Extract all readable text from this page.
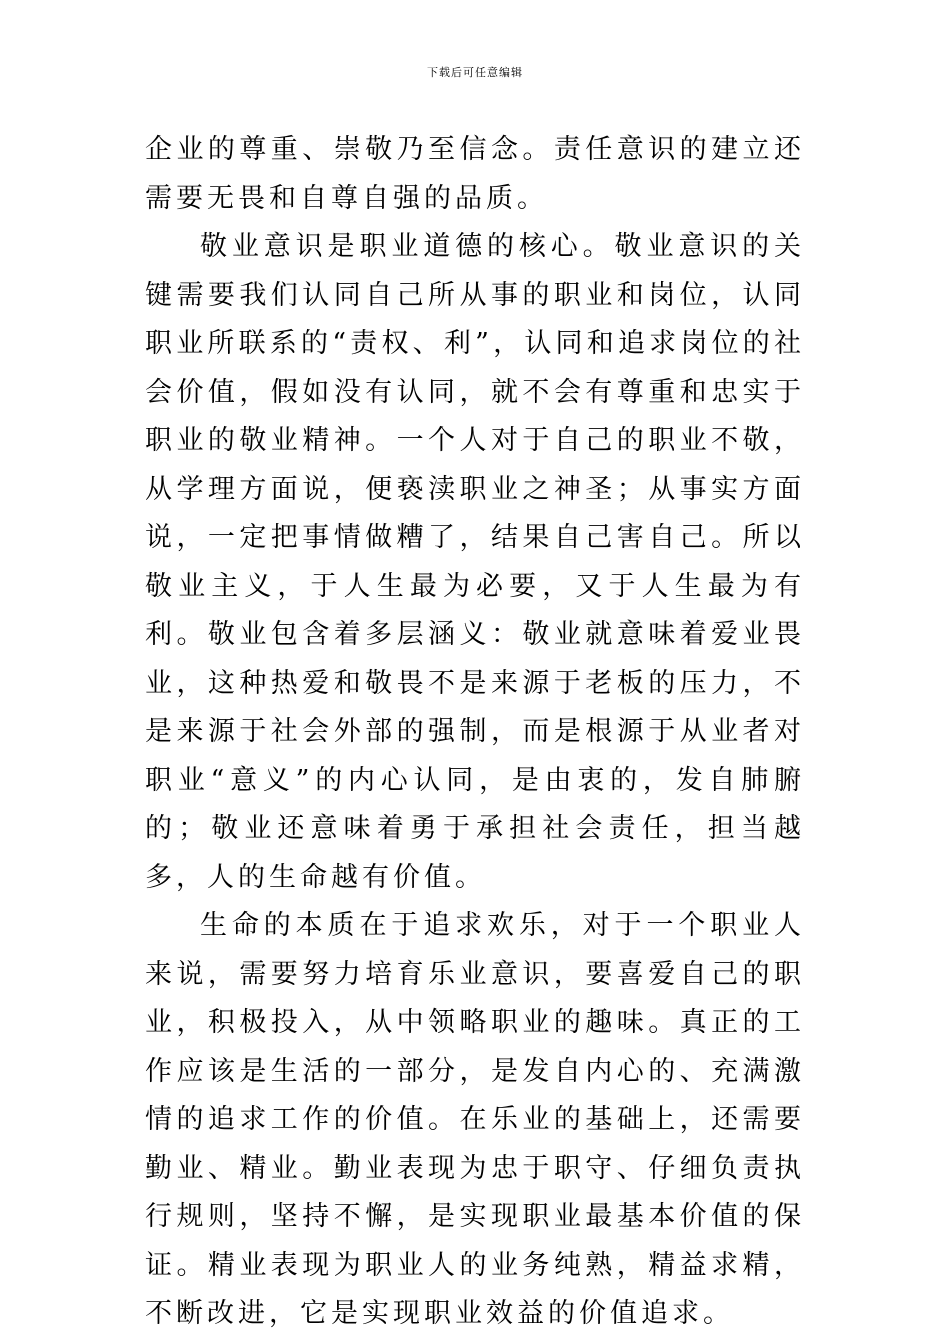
下载后可任意编辑

企业的尊重、崇敬乃至信念。责任意识的建立还需要无畏和自尊自强的品质。

敬业意识是职业道德的核心。敬业意识的关键需要我们认同自己所从事的职业和岗位，认同职业所联系的“责权、利”，认同和追求岗位的社会价值，假如没有认同，就不会有尊重和忠实于职业的敬业精神。一个人对于自己的职业不敬，从学理方面说，便亵渎职业之神圣；从事实方面说，一定把事情做糟了，结果自己害自己。所以敬业主义，于人生最为必要，又于人生最为有利。敬业包含着多层涵义：敬业就意味着爱业畏业，这种热爱和敬畏不是来源于老板的压力，不是来源于社会外部的强制，而是根源于从业者对职业“意义”的内心认同，是由衷的，发自肺腑的；敬业还意味着勇于承担社会责任，担当越多，人的生命越有价值。

生命的本质在于追求欢乐，对于一个职业人来说，需要努力培育乐业意识，要喜爱自己的职业，积极投入，从中领略职业的趣味。真正的工作应该是生活的一部分，是发自内心的、充满激情的追求工作的价值。在乐业的基础上，还需要勤业、精业。勤业表现为忠于职守、仔细负责执行规则，坚持不懈，是实现职业最基本价值的保证。精业表现为职业人的业务纯熟，精益求精，不断改进，它是实现职业效益的价值追求。
